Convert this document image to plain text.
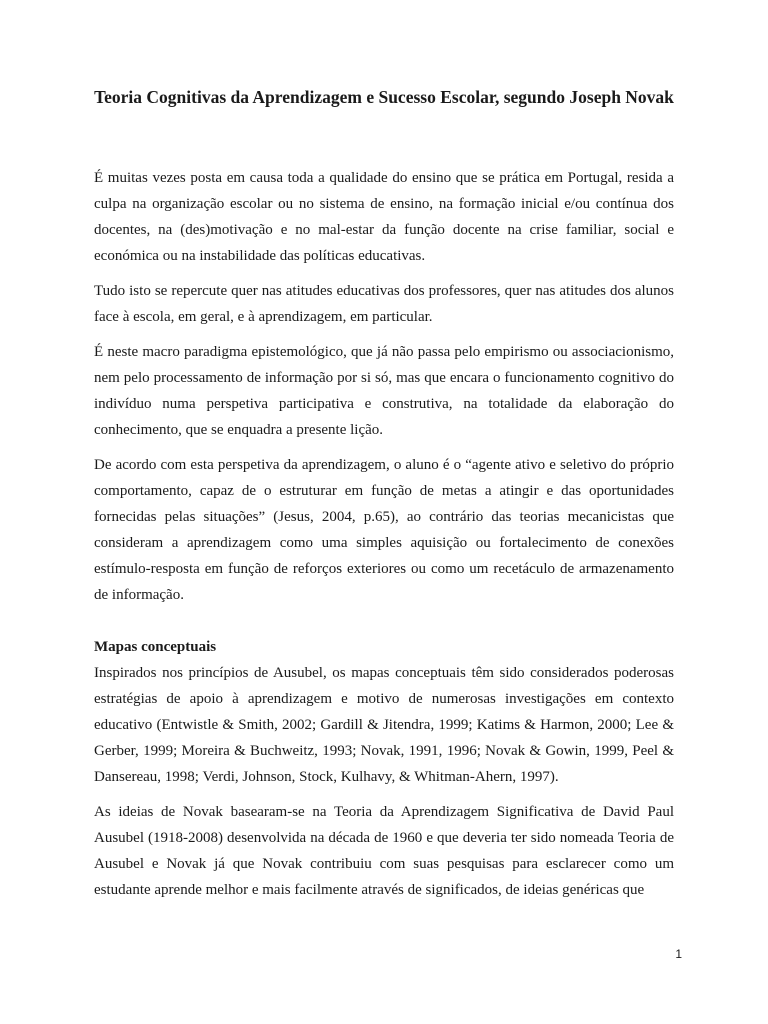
Teoria Cognitivas da Aprendizagem e Sucesso Escolar, segundo Joseph Novak

É muitas vezes posta em causa toda a qualidade do ensino que se prática em Portugal, resida a culpa na organização escolar ou no sistema de ensino, na formação inicial e/ou contínua dos docentes, na (des)motivação e no mal-estar da função docente na crise familiar, social e económica ou na instabilidade das políticas educativas.

Tudo isto se repercute quer nas atitudes educativas dos professores, quer nas atitudes dos alunos face à escola, em geral, e à aprendizagem, em particular.

É neste macro paradigma epistemológico, que já não passa pelo empirismo ou associacionismo, nem pelo processamento de informação por si só, mas que encara o funcionamento cognitivo do indivíduo numa perspetiva participativa e construtiva, na totalidade da elaboração do conhecimento, que se enquadra a presente lição.

De acordo com esta perspetiva da aprendizagem, o aluno é o “agente ativo e seletivo do próprio comportamento, capaz de o estruturar em função de metas a atingir e das oportunidades fornecidas pelas situações” (Jesus, 2004, p.65), ao contrário das teorias mecanicistas que consideram a aprendizagem como uma simples aquisição ou fortalecimento de conexões estímulo-resposta em função de reforços exteriores ou como um recetáculo de armazenamento de informação.

Mapas conceptuais

Inspirados nos princípios de Ausubel, os mapas conceptuais têm sido considerados poderosas estratégias de apoio à aprendizagem e motivo de numerosas investigações em contexto educativo (Entwistle & Smith, 2002; Gardill & Jitendra, 1999; Katims & Harmon, 2000; Lee & Gerber, 1999; Moreira & Buchweitz, 1993; Novak, 1991, 1996; Novak & Gowin, 1999, Peel & Dansereau, 1998; Verdi, Johnson, Stock, Kulhavy, & Whitman-Ahern, 1997).

As ideias de Novak basearam-se na Teoria da Aprendizagem Significativa de David Paul Ausubel (1918-2008) desenvolvida na década de 1960 e que deveria ter sido nomeada Teoria de Ausubel e Novak já que Novak contribuiu com suas pesquisas para esclarecer como um estudante aprende melhor e mais facilmente através de significados, de ideias genéricas que

1
